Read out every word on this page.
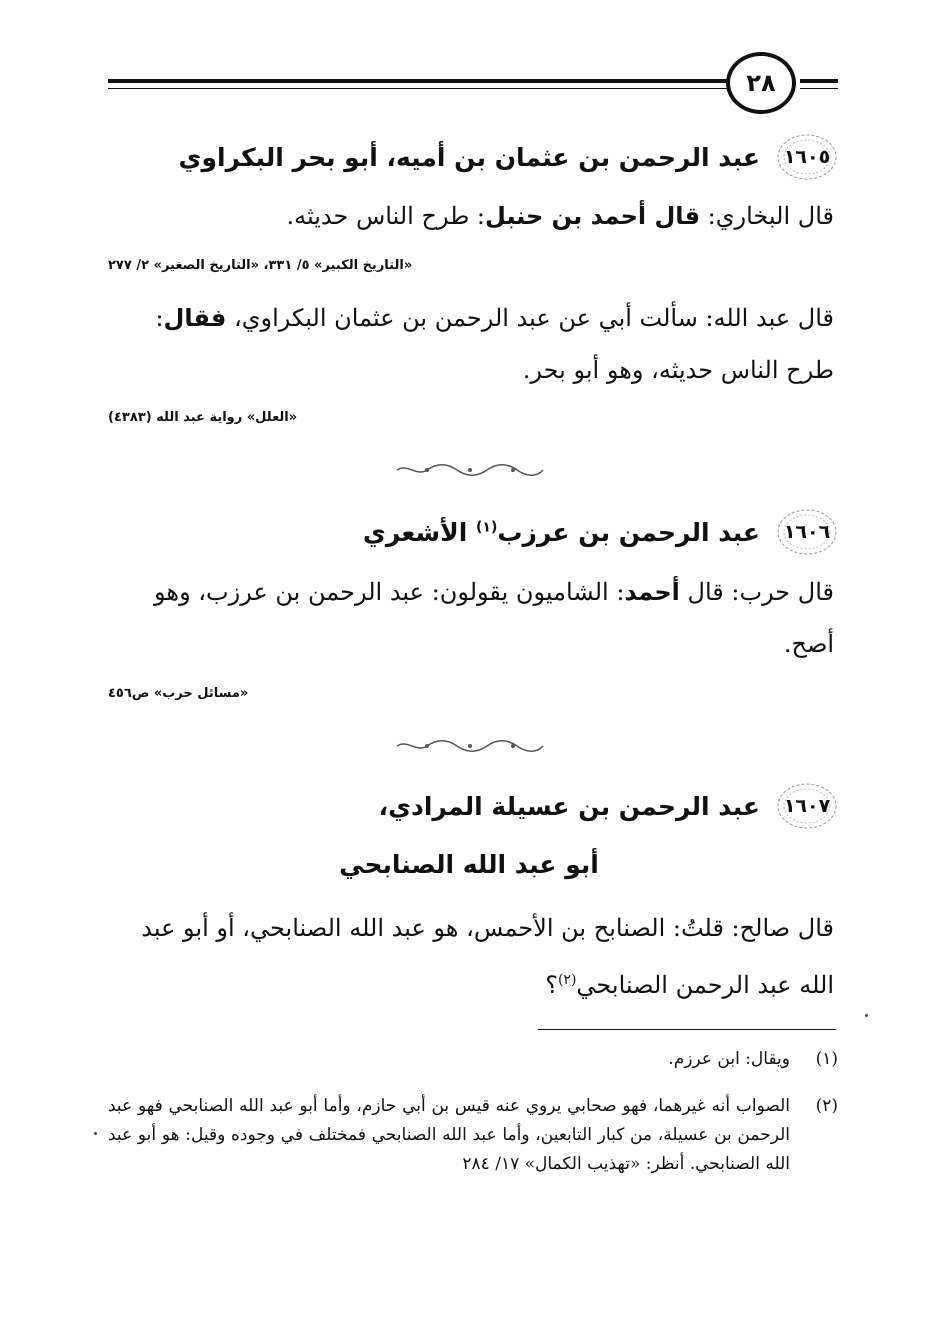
٢٨
١٦٠٥
عبد الرحمن بن عثمان بن أميه، أبو بحر البكراوي
قال البخاري: قال أحمد بن حنبل: طرح الناس حديثه.
«التاريخ الكبير» ٥/ ٣٣١، «التاريخ الصغير» ٢/ ٢٧٧
قال عبد الله: سألت أبي عن عبد الرحمن بن عثمان البكراوي، فقال: طرح الناس حديثه، وهو أبو بحر.
«العلل» رواية عبد الله (٤٣٨٣)
١٦٠٦
عبد الرحمن بن عرزب$^{(١)}$ الأشعري
قال حرب: قال أحمد: الشاميون يقولون: عبد الرحمن بن عرزب، وهو أصح.
«مسائل حرب» ص٤٥٦
١٦٠٧
عبد الرحمن بن عسيلة المرادي،
أبو عبد الله الصنابحي
قال صالح: قلتُ: الصنابح بن الأحمس، هو عبد الله الصنابحي، أو أبو عبد الله عبد الرحمن الصنابحي$^{(٢)}$؟
(١)
ويقال: ابن عرزم.
(٢)
الصواب أنه غيرهما، فهو صحابي يروي عنه قيس بن أبي حازم، وأما أبو عبد الله الصنابحي فهو عبد الرحمن بن عسيلة، من كبار التابعين، وأما عبد الله الصنابحي فمختلف في وجوده وقيل: هو أبو عبد الله الصنابحي. أنظر: «تهذيب الكمال» ١٧/ ٢٨٤
